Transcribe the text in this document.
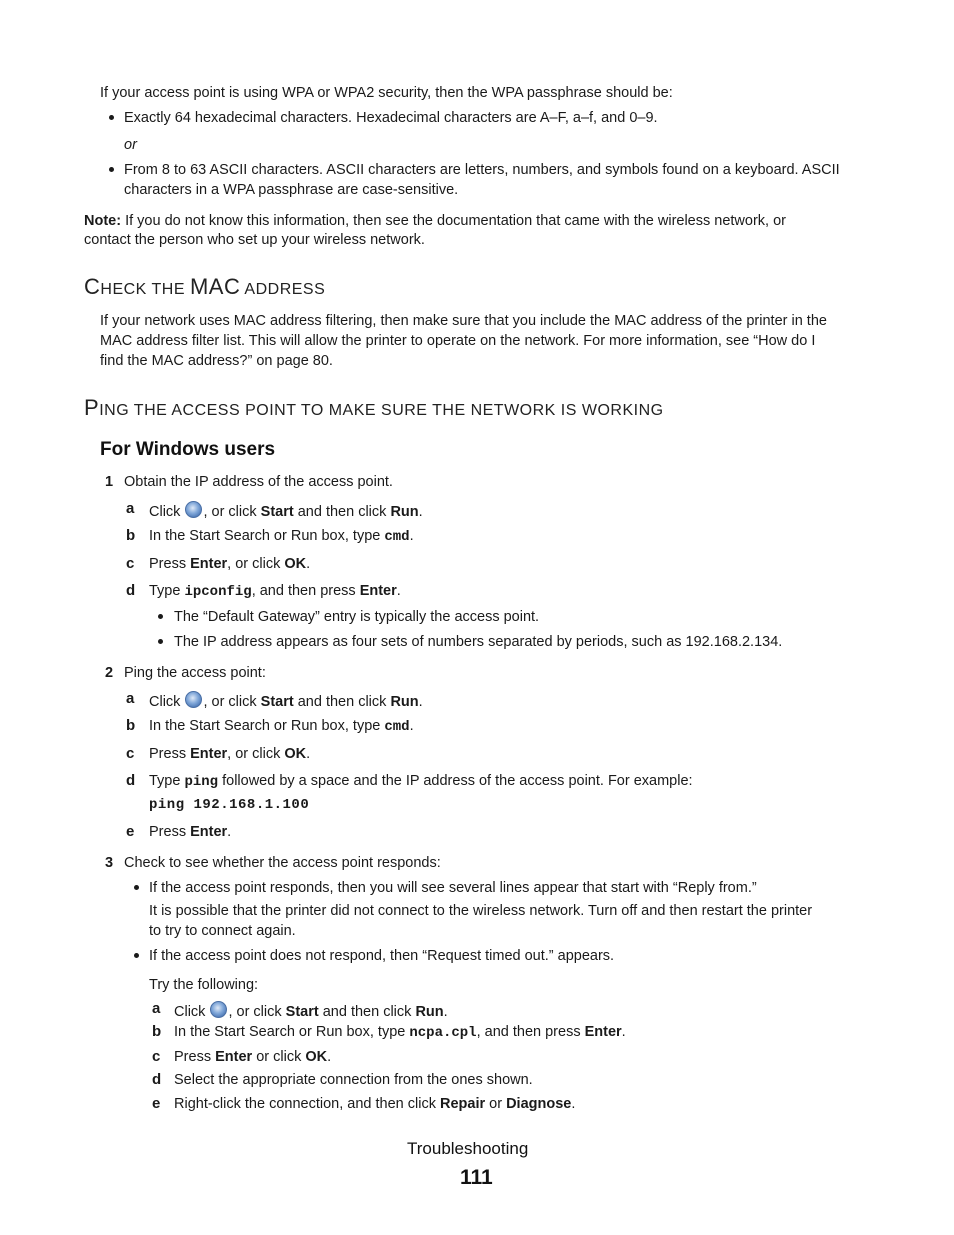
If your access point is using WPA or WPA2 security, then the WPA passphrase should be:
Exactly 64 hexadecimal characters. Hexadecimal characters are A–F, a–f, and 0–9.
or
From 8 to 63 ASCII characters. ASCII characters are letters, numbers, and symbols found on a keyboard. ASCII
characters in a WPA passphrase are case-sensitive.
Note: If you do not know this information, then see the documentation that came with the wireless network, or
contact the person who set up your wireless network.
CHECK THE MAC ADDRESS
If your network uses MAC address filtering, then make sure that you include the MAC address of the printer in the
MAC address filter list. This will allow the printer to operate on the network. For more information, see “How do I
find the MAC address?” on page 80.
PING THE ACCESS POINT TO MAKE SURE THE NETWORK IS WORKING
For Windows users
1 Obtain the IP address of the access point.
a Click , or click Start and then click Run.
b In the Start Search or Run box, type cmd.
c Press Enter, or click OK.
d Type ipconfig, and then press Enter.
The “Default Gateway” entry is typically the access point.
The IP address appears as four sets of numbers separated by periods, such as 192.168.2.134.
2 Ping the access point:
a Click , or click Start and then click Run.
b In the Start Search or Run box, type cmd.
c Press Enter, or click OK.
d Type ping followed by a space and the IP address of the access point. For example:
ping 192.168.1.100
e Press Enter.
3 Check to see whether the access point responds:
If the access point responds, then you will see several lines appear that start with “Reply from.”
It is possible that the printer did not connect to the wireless network. Turn off and then restart the printer
to try to connect again.
If the access point does not respond, then “Request timed out.” appears.
Try the following:
a Click , or click Start and then click Run.
b In the Start Search or Run box, type ncpa.cpl, and then press Enter.
c Press Enter or click OK.
d Select the appropriate connection from the ones shown.
e Right-click the connection, and then click Repair or Diagnose.
Troubleshooting
111
